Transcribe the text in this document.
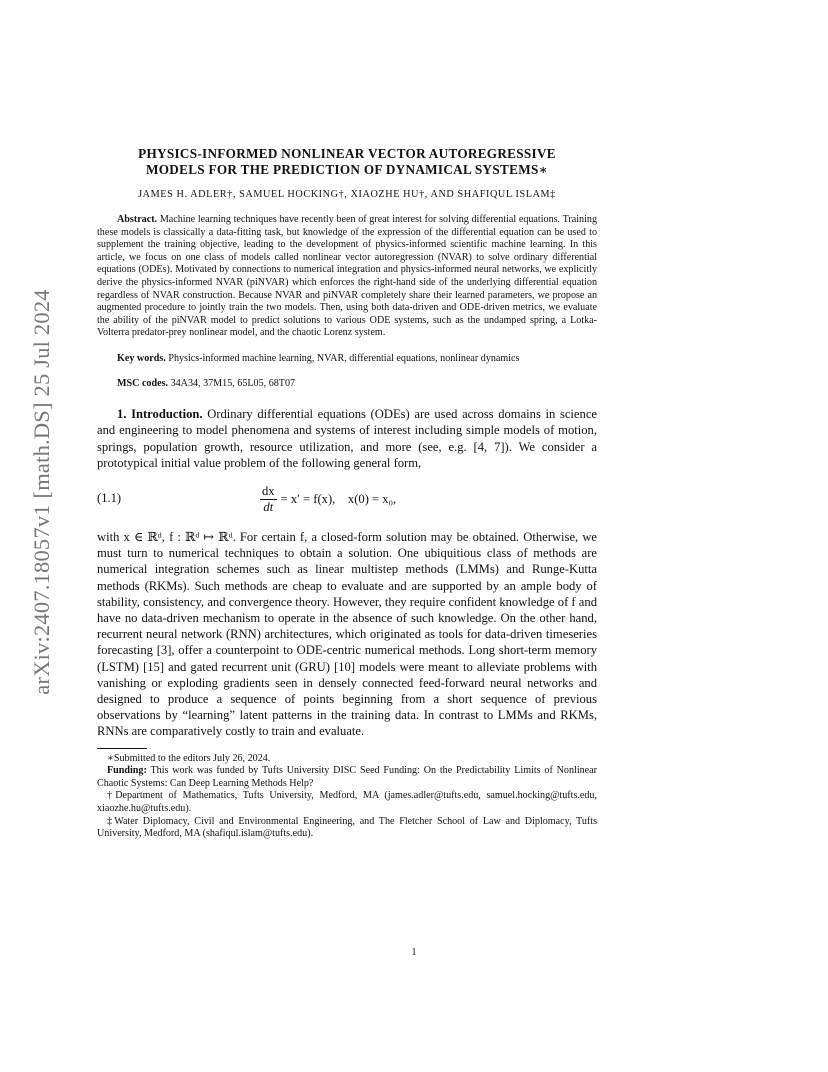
arXiv:2407.18057v1 [math.DS] 25 Jul 2024
PHYSICS-INFORMED NONLINEAR VECTOR AUTOREGRESSIVE
MODELS FOR THE PREDICTION OF DYNAMICAL SYSTEMS∗
JAMES H. ADLER†, SAMUEL HOCKING†, XIAOZHE HU†, AND SHAFIQUL ISLAM‡
Abstract. Machine learning techniques have recently been of great interest for solving differential equations. Training these models is classically a data-fitting task, but knowledge of the expression of the differential equation can be used to supplement the training objective, leading to the development of physics-informed scientific machine learning. In this article, we focus on one class of models called nonlinear vector autoregression (NVAR) to solve ordinary differential equations (ODEs). Motivated by connections to numerical integration and physics-informed neural networks, we explicitly derive the physics-informed NVAR (piNVAR) which enforces the right-hand side of the underlying differential equation regardless of NVAR construction. Because NVAR and piNVAR completely share their learned parameters, we propose an augmented procedure to jointly train the two models. Then, using both data-driven and ODE-driven metrics, we evaluate the ability of the piNVAR model to predict solutions to various ODE systems, such as the undamped spring, a Lotka-Volterra predator-prey nonlinear model, and the chaotic Lorenz system.
Key words. Physics-informed machine learning, NVAR, differential equations, nonlinear dynamics
MSC codes. 34A34, 37M15, 65L05, 68T07
1. Introduction. Ordinary differential equations (ODEs) are used across domains in science and engineering to model phenomena and systems of interest including simple models of motion, springs, population growth, resource utilization, and more (see, e.g. [4, 7]). We consider a prototypical initial value problem of the following general form,
(1.1)	$\frac{dx}{dt} = x' = f(x)$,    x(0) = x₀,
with x ∈ ℝᵈ, f : ℝᵈ ↦ ℝᵈ. For certain f, a closed-form solution may be obtained. Otherwise, we must turn to numerical techniques to obtain a solution. One ubiquitious class of methods are numerical integration schemes such as linear multistep methods (LMMs) and Runge-Kutta methods (RKMs). Such methods are cheap to evaluate and are supported by an ample body of stability, consistency, and convergence theory. However, they require confident knowledge of f and have no data-driven mechanism to operate in the absence of such knowledge. On the other hand, recurrent neural network (RNN) architectures, which originated as tools for data-driven timeseries forecasting [3], offer a counterpoint to ODE-centric numerical methods. Long short-term memory (LSTM) [15] and gated recurrent unit (GRU) [10] models were meant to alleviate problems with vanishing or exploding gradients seen in densely connected feed-forward neural networks and designed to produce a sequence of points beginning from a short sequence of previous observations by “learning” latent patterns in the training data. In contrast to LMMs and RKMs, RNNs are comparatively costly to train and evaluate.
∗Submitted to the editors July 26, 2024.
Funding: This work was funded by Tufts University DISC Seed Funding: On the Predictability Limits of Nonlinear Chaotic Systems: Can Deep Learning Methods Help?
†Department of Mathematics, Tufts University, Medford, MA (james.adler@tufts.edu, samuel.hocking@tufts.edu, xiaozhe.hu@tufts.edu).
‡Water Diplomacy, Civil and Environmental Engineering, and The Fletcher School of Law and Diplomacy, Tufts University, Medford, MA (shafiqul.islam@tufts.edu).
1
